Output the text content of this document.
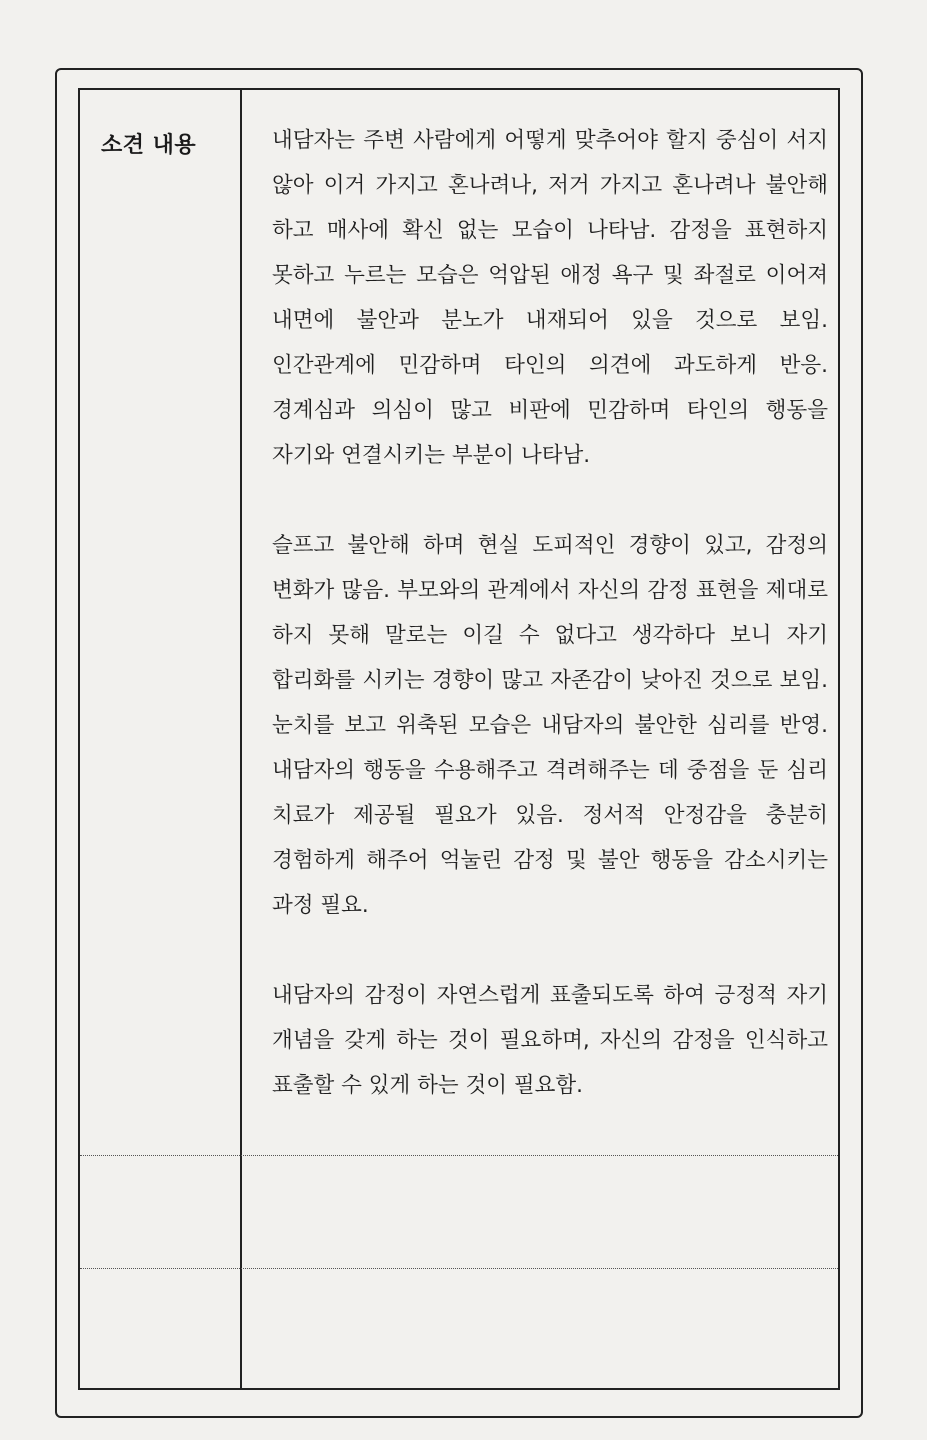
소견 내용	내담자는 주변 사람에게 어떻게 맞추어야 할지 중심이 서지 않아 이거 가지고 혼나려나, 저거 가지고 혼나려나 불안해 하고 매사에 확신 없는 모습이 나타남. 감정을 표현하지 못하고 누르는 모습은 억압된 애정 욕구 및 좌절로 이어져 내면에 불안과 분노가 내재되어 있을 것으로 보임. 인간관계에 민감하며 타인의 의견에 과도하게 반응. 경계심과 의심이 많고 비판에 민감하며 타인의 행동을 자기와 연결시키는 부분이 나타남.

슬프고 불안해 하며 현실 도피적인 경향이 있고, 감정의 변화가 많음. 부모와의 관계에서 자신의 감정 표현을 제대로 하지 못해 말로는 이길 수 없다고 생각하다 보니 자기 합리화를 시키는 경향이 많고 자존감이 낮아진 것으로 보임. 눈치를 보고 위축된 모습은 내담자의 불안한 심리를 반영. 내담자의 행동을 수용해주고 격려해주는 데 중점을 둔 심리 치료가 제공될 필요가 있음. 정서적 안정감을 충분히 경험하게 해주어 억눌린 감정 및 불안 행동을 감소시키는 과정 필요.

내담자의 감정이 자연스럽게 표출되도록 하여 긍정적 자기 개념을 갖게 하는 것이 필요하며, 자신의 감정을 인식하고 표출할 수 있게 하는 것이 필요함.
